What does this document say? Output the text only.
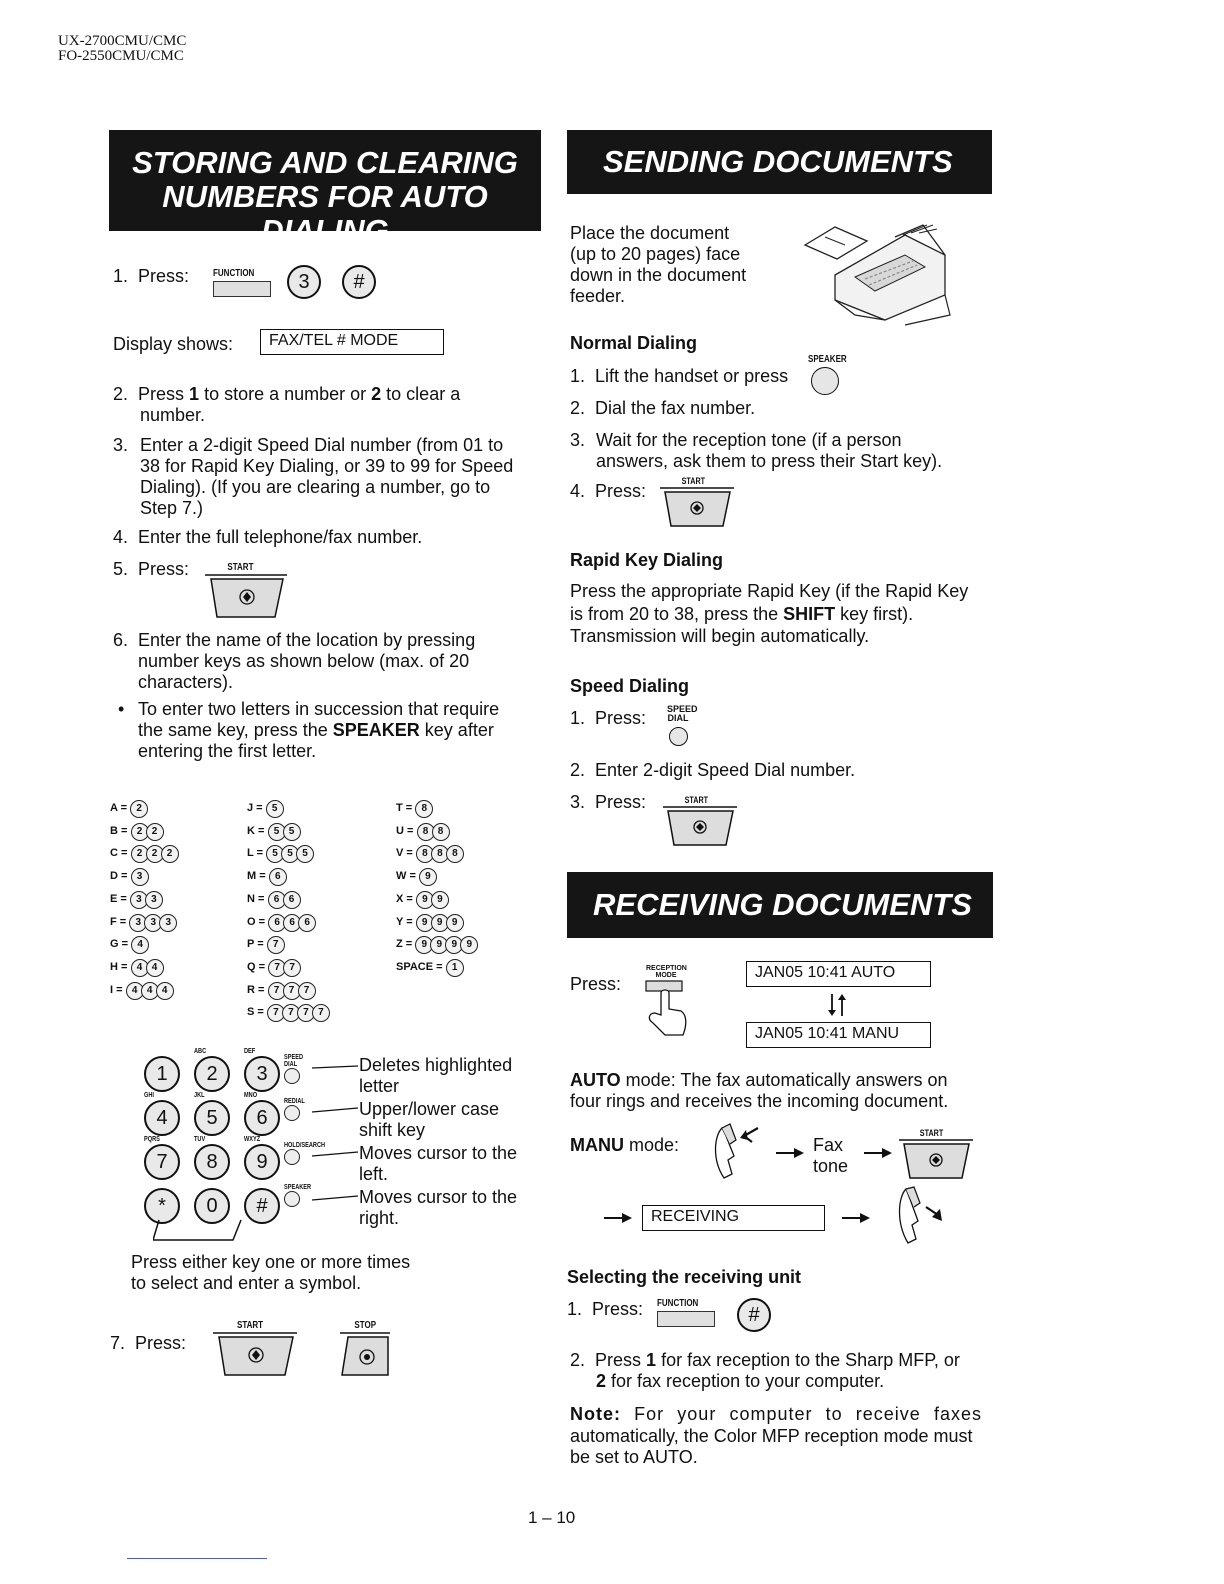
UX-2700CMU/CMC
FO-2550CMU/CMC
STORING AND CLEARING
NUMBERS FOR AUTO DIALING
1. Press: FUNCTION	3	#
Display shows:	FAX/TEL # MODE
2. Press 1 to store a number or 2 to clear a
number.
3. Enter a 2-digit Speed Dial number (from 01 to
38 for Rapid Key Dialing, or 39 to 99 for Speed
Dialing). (If you are clearing a number, go to
Step 7.)
4. Enter the full telephone/fax number.
5. Press:	START
6. Enter the name of the location by pressing
number keys as shown below (max. of 20
characters).
• To enter two letters in succession that require
the same key, press the SPEAKER key after
entering the first letter.
A = 2
B = 2 2
C = 2 2 2
D = 3
E = 3 3
F = 3 3 3
G = 4
H = 4 4
I = 4 4 4
J = 5
K = 5 5
L = 5 5 5
M = 6
N = 6 6
O = 6 6 6
P = 7
Q = 7 7
R = 7 7 7
S = 7 7 7 7
T = 8
U = 8 8
V = 8 8 8
W = 9
X = 9 9
Y = 9 9 9
Z = 9 9 9 9
SPACE = 1
1
ABC
2
DEF
3
GHI
4
JKL
5
MNO
6
PQRS
7
TUV
8
WXYZ
9
*	0	#
SPEED DIAL
REDIAL
HOLD/SEARCH
SPEAKER
Deletes highlighted
letter
Upper/lower case
shift key
Moves cursor to the
left.
Moves cursor to the
right.
Press either key one or more times
to select and enter a symbol.
7. Press:
START	STOP
SENDING DOCUMENTS
Place the document
(up to 20 pages) face
down in the document
feeder.
Normal Dialing
SPEAKER
1. Lift the handset or press
2. Dial the fax number.
3. Wait for the reception tone (if a person
answers, ask them to press their Start key).
4. Press:	START
Rapid Key Dialing
Press the appropriate Rapid Key (if the Rapid Key
is from 20 to 38, press the SHIFT key first).
Transmission will begin automatically.
Speed Dialing
1. Press: SPEED
DIAL
2. Enter 2-digit Speed Dial number.
3. Press:	START
RECEIVING DOCUMENTS
Press:
RECEPTION
MODE	JAN05 10:41 AUTO
JAN05 10:41 MANU
AUTO mode: The fax automatically answers on
four rings and receives the incoming document.
MANU mode:	Fax
tone
START
RECEIVING
Selecting the receiving unit
1. Press: FUNCTION
#
2. Press 1 for fax reception to the Sharp MFP, or
2 for fax reception to your computer.
Note: For your computer to receive faxes
automatically, the Color MFP reception mode must
be set to AUTO.
1 – 10
